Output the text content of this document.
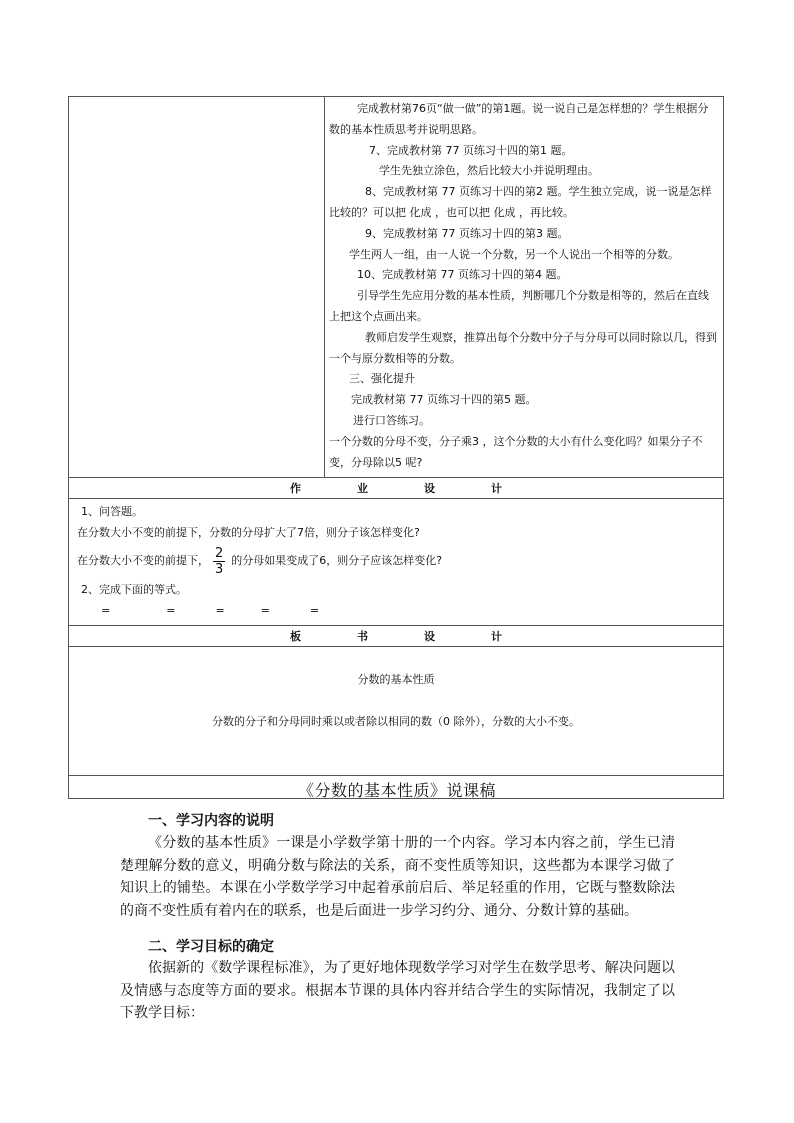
完成教材第76页“做一做”的第1题。说一说自己是怎样想的？学生根据分数的基本性质思考并说明思路。

7、完成教材第 77 页练习十四的第1 题。

学生先独立涂色，然后比较大小并说明理由。

8、完成教材第 77 页练习十四的第2 题。学生独立完成，说一说是怎样比较的？可以把 化成 ，也可以把 化成 ，再比较。

9、完成教材第 77 页练习十四的第3 题。

学生两人一组，由一人说一个分数，另一个人说出一个相等的分数。

10、完成教材第 77 页练习十四的第4 题。

引导学生先应用分数的基本性质，判断哪几个分数是相等的，然后在直线上把这个点画出来。

教师启发学生观察，推算出每个分数中分子与分母可以同时除以几，得到一个与原分数相等的分数。

三、强化提升

完成教材第 77 页练习十四的第5 题。

进行口答练习。

一个分数的分母不变，分子乘3 ，这个分数的大小有什么变化吗？如果分子不变，分母除以5 呢?

作	业	设	计

1、问答题。

在分数大小不变的前提下，分数的分母扩大了7倍，则分子该怎样变化?

在分数大小不变的前提下， $\frac{2}{3}$ 的分母如果变成了6，则分子应该怎样变化?

2、完成下面的等式。

=	=	=	=	=

板	书	设	计
分数的基本性质
分数的分子和分母同时乘以或者除以相同的数（0 除外），分数的大小不变。
《分数的基本性质》说课稿
一、学习内容的说明
《分数的基本性质》一课是小学数学第十册的一个内容。学习本内容之前，学生已清楚理解分数的意义，明确分数与除法的关系，商不变性质等知识，这些都为本课学习做了知识上的铺垫。本课在小学数学学习中起着承前启后、举足轻重的作用，它既与整数除法的商不变性质有着内在的联系，也是后面进一步学习约分、通分、分数计算的基础。
二、学习目标的确定
依据新的《数学课程标准》，为了更好地体现数学学习对学生在数学思考、解决问题以及情感与态度等方面的要求。根据本节课的具体内容并结合学生的实际情况，我制定了以下教学目标：
